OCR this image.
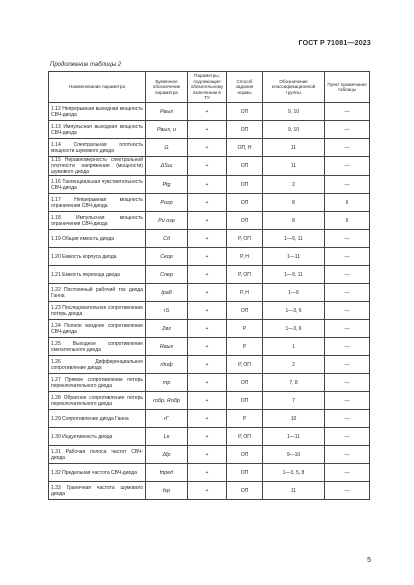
ГОСТ Р 71081—2023
Продолжение таблицы 2
Наименование параметра	Буквенное обозначение параметра	Параметры, подлежащие обязательному включению в ТУ	Способ задания нормы	Обозначение классификационной группы	Пункт примечания таблицы
1.12 Непрерывная выходная мощность СВЧ-диода	Pвых	+	ОП	9, 10	—
1.13 Импульсная выходная мощность СВЧ-диода	Pвых, и	+	ОП	9, 10	—
1.14 Спектральная плотность мощности шумового диода	G	+	ОП, Н	11	—
1.15 Неравномерность спектральной плотности напряжения (мощности) шумового диода	ΔSш	+	ОП	11	—
1.16 Тангенциальная чувствительность СВЧ-диода	Ptg	+	ОП	2	—
1.17 Непрерывная мощность ограничения СВЧ-диода	Pогр	+	ОП	8	6
1.18 Импульсная мощность ограничения СВЧ-диода	Pи огр	+	ОП	8	6
1.19 Общая емкость диода	Cд	+	Р, ОП	1—9, 11	—
1.20 Емкость корпуса диода	Cкор	+	Р, Н	1—11	—
1.21 Емкость перехода диода	Cпер	+	Р, ОП	1—9, 11	—
1.22 Постоянный рабочий ток диода Ганна	Iраб	+	Р, Н	1—6	—
1.23 Последовательное сопротивление потерь диода	rS	+	ОП	1—3, 6	—
1.24 Полное входное сопротивление СВЧ-диода	Zвх	+	Р	1—3, 6	—
1.25 Выходное сопротивление смесительного диода	Rвых	+	Р	1	—
1.26 Дифференциальное сопротивление диода	rдиф	+	Р, ОП	2	—
1.27 Прямое сопротивление потерь переключательного диода	rпр	+	ОП	7, 8	—
1.28 Обратное сопротивление потерь переключательного диода	rобр, Rобр	+	ОП	7	—
1.29 Сопротивление диода Ганна	rГ	+	Р	10	—
1.30 Индуктивность диода	Lк	+	Р, ОП	1—11	—
1.31 Рабочая полоса частот СВЧ-диода	Δfр	+	ОП	9—10	—
1.32 Предельная частота СВЧ-диода	fпред	+	ОП	1—3, 5, 8	—
1.33 Граничная частота шумового диода	fгр	+	ОП	11	—
5
